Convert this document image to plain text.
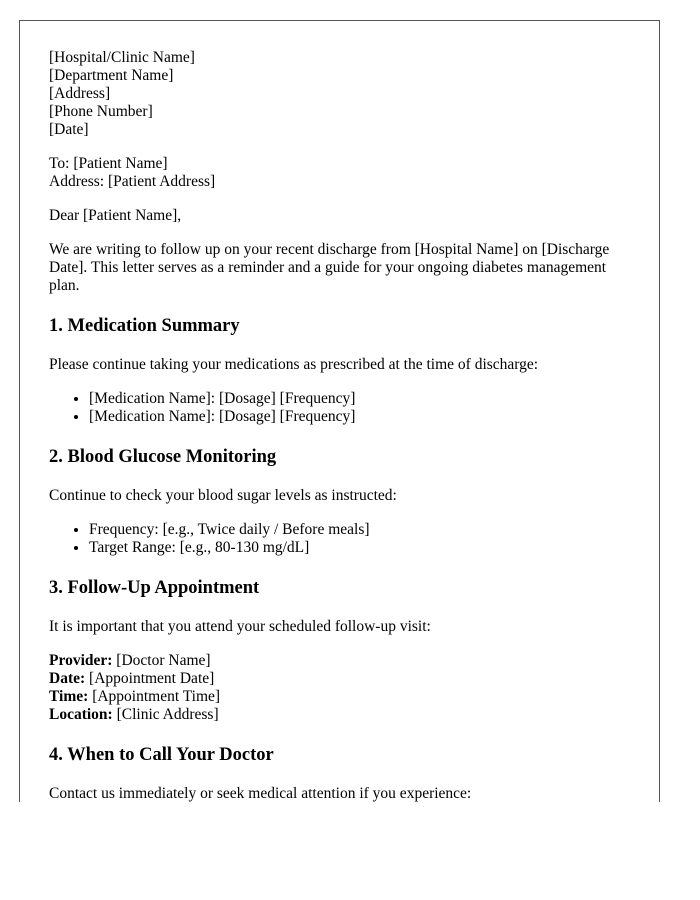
[Hospital/Clinic Name]
[Department Name]
[Address]
[Phone Number]
[Date]
To: [Patient Name]
Address: [Patient Address]

Dear [Patient Name],

We are writing to follow up on your recent discharge from [Hospital Name] on [Discharge Date]. This letter serves as a reminder and a guide for your ongoing diabetes management plan.

1. Medication Summary

Please continue taking your medications as prescribed at the time of discharge:

• [Medication Name]: [Dosage] [Frequency]
• [Medication Name]: [Dosage] [Frequency]
2. Blood Glucose Monitoring

Continue to check your blood sugar levels as instructed:

• Frequency: [e.g., Twice daily / Before meals]
• Target Range: [e.g., 80-130 mg/dL]
3. Follow-Up Appointment

It is important that you attend your scheduled follow-up visit:

Provider: [Doctor Name]
Date: [Appointment Date]
Time: [Appointment Time]
Location: [Clinic Address]
4. When to Call Your Doctor

Contact us immediately or seek medical attention if you experience:
